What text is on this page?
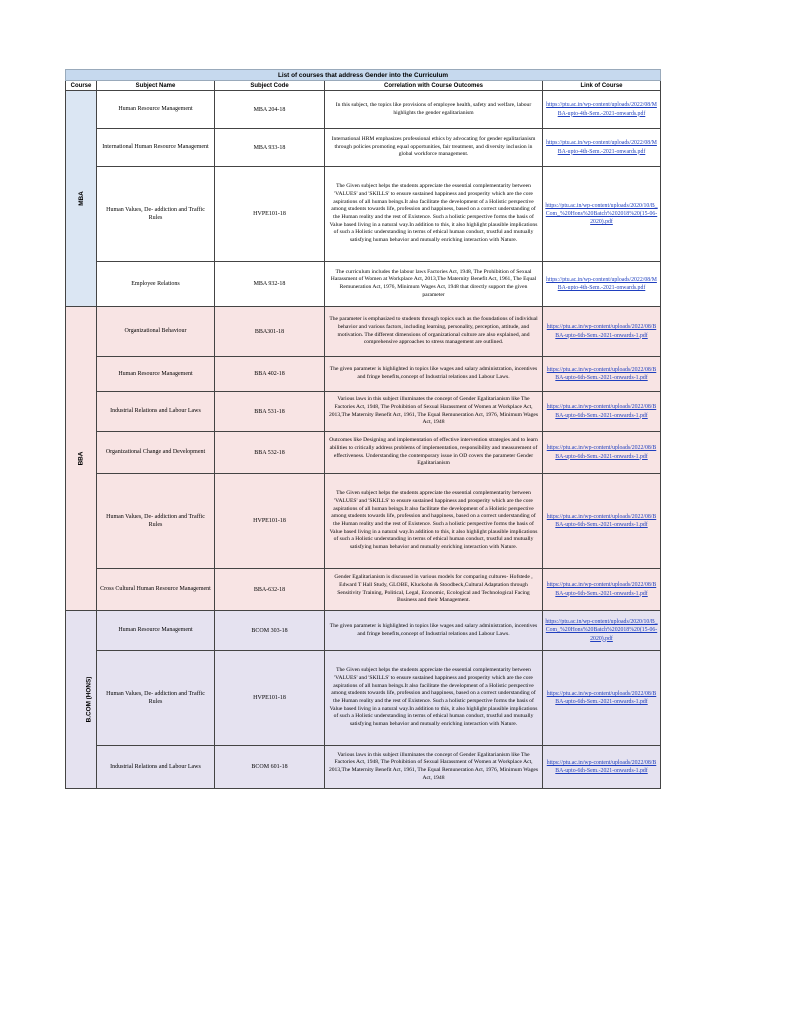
List of courses that address Gender into the Curriculum				
Course	Subject Name	Subject Code	Correlation with Course Outcomes	Link of Course
MBA	Human Resource Management	MBA 204-18	In this subject, the topics like provisions of employee health, safety and welfare, labour highlights the gender egalitarianism	https://ptu.ac.in/wp-content/uploads/2022/08/MBA-upto-4th-Sem.-2021-onwards.pdf
	International Human Resource Management	MBA 933-18	International HRM emphasizes professional ethics by advocating for gender egalitarianism through policies promoting equal opportunities, fair treatment, and diversity inclusion in global workforce management.	https://ptu.ac.in/wp-content/uploads/2022/08/MBA-upto-4th-Sem.-2021-onwards.pdf
	Human Values, De- addiction and Traffic Rules	HVPE101-18	The Given subject helps the students appreciate the essential complementarity between 'VALUES' and 'SKILLS' to ensure sustained happiness and prosperity which are the core aspirations of all human beings.It also facilitate the development of a Holistic perspective among students towards life, profession and happiness, based on a correct understanding of the Human reality and the rest of Existence. Such a holistic perspective forms the basis of Value based living in a natural way.In addition to this, it also highlight plausible implications of such a Holistic understanding in terms of ethical human conduct, trustful and mutually satisfying human behavior and mutually enriching interaction with Nature.	https://ptu.ac.in/wp-content/uploads/2020/10/B_Com_%20Hons%20Batch%202018%20(15-06-2020).pdf
	Employee Relations	MBA 932-18	The curriculum includes the labour laws Factories Act, 1948, The Prohibition of Sexual Harassment of Women at Workplace Act, 2013,The Maternity Benefit Act, 1961, The Equal Remuneration Act, 1976, Minimum Wages Act, 1948 that directly support the given parameter	https://ptu.ac.in/wp-content/uploads/2022/08/MBA-upto-4th-Sem.-2021-onwards.pdf
BBA	Organizational Behaviour	BBA301-18	The parameter is emphasized to students through topics such as the foundations of individual behavior and various factors, including learning, personality, perception, attitude, and motivation. The different dimensions of organizational culture are also explained, and comprehensive approaches to stress management are outlined.	https://ptu.ac.in/wp-content/uploads/2022/08/BBA-upto-6th-Sem.-2021-onwards-1.pdf
	Human Resource Management	BBA 402-18	The given parameter is highlighted in topics like wages and salary administration, incentives and fringe benefits,concept of Industrial relations and Labour Laws.	https://ptu.ac.in/wp-content/uploads/2022/08/BBA-upto-6th-Sem.-2021-onwards-1.pdf
	Industrial Relations and Labour Laws	BBA 531-18	Various laws in this subject illuminates the concept of Gender Egalitarianism like The Factories Act, 1948, The Prohibition of Sexual Harassment of Women at Workplace Act, 2013,The Maternity Benefit Act, 1961, The Equal Remuneration Act, 1976, Minimum Wages Act, 1948	https://ptu.ac.in/wp-content/uploads/2022/08/BBA-upto-6th-Sem.-2021-onwards-1.pdf
	Organizational Change and Development	BBA 532-18	Outcomes like Designing and implementation of effective intervention strategies and to learn abilities to critically address problems of implementation, responsibility and measurement of effectiveness. Understanding the contemporary issue in OD covers the parameter Gender Egalitarianism	https://ptu.ac.in/wp-content/uploads/2022/08/BBA-upto-6th-Sem.-2021-onwards-1.pdf
	Human Values, De- addiction and Traffic Rules	HVPE101-18	The Given subject helps the students appreciate the essential complementarity between 'VALUES' and 'SKILLS' to ensure sustained happiness and prosperity which are the core aspirations of all human beings.It also facilitate the development of a Holistic perspective among students towards life, profession and happiness, based on a correct understanding of the Human reality and the rest of Existence. Such a holistic perspective forms the basis of Value based living in a natural way.In addition to this, it also highlight plausible implications of such a Holistic understanding in terms of ethical human conduct, trustful and mutually satisfying human behavior and mutually enriching interaction with Nature.	https://ptu.ac.in/wp-content/uploads/2022/08/BBA-upto-6th-Sem.-2021-onwards-1.pdf
	Cross Cultural Human Resource Management	BBA-632-18	Gender Egalitarianism is discussed in various models for comparing cultures- Hofstede , Edward T Hall Study, GLOBE, Kluckohn & Stoodbeck,Cultural Adaptation through Sensitivity Training, Political, Legal, Economic, Ecological and Technological Facing Business and their Management.	https://ptu.ac.in/wp-content/uploads/2022/08/BBA-upto-6th-Sem.-2021-onwards-1.pdf
B.COM (HONS)	Human Resource Management	BCOM 303-18	The given parameter is highlighted in topics like wages and salary administration, incentives and fringe benefits,concept of Industrial relations and Labour Laws.	https://ptu.ac.in/wp-content/uploads/2020/10/B_Com_%20Hons%20Batch%202018%20(15-06-2020).pdf
	Human Values, De- addiction and Traffic Rules	HVPE101-18	The Given subject helps the students appreciate the essential complementarity between 'VALUES' and 'SKILLS' to ensure sustained happiness and prosperity which are the core aspirations of all human beings.It also facilitate the development of a Holistic perspective among students towards life, profession and happiness, based on a correct understanding of the Human reality and the rest of Existence. Such a holistic perspective forms the basis of Value based living in a natural way.In addition to this, it also highlight plausible implications of such a Holistic understanding in terms of ethical human conduct, trustful and mutually satisfying human behavior and mutually enriching interaction with Nature.	https://ptu.ac.in/wp-content/uploads/2022/08/BBA-upto-6th-Sem.-2021-onwards-1.pdf
	Industrial Relations and Labour Laws	BCOM 601-18	Various laws in this subject illuminates the concept of Gender Egalitarianism like The Factories Act, 1948, The Prohibition of Sexual Harassment of Women at Workplace Act, 2013,The Maternity Benefit Act, 1961, The Equal Remuneration Act, 1976, Minimum Wages Act, 1948	https://ptu.ac.in/wp-content/uploads/2022/08/BBA-upto-6th-Sem.-2021-onwards-1.pdf
